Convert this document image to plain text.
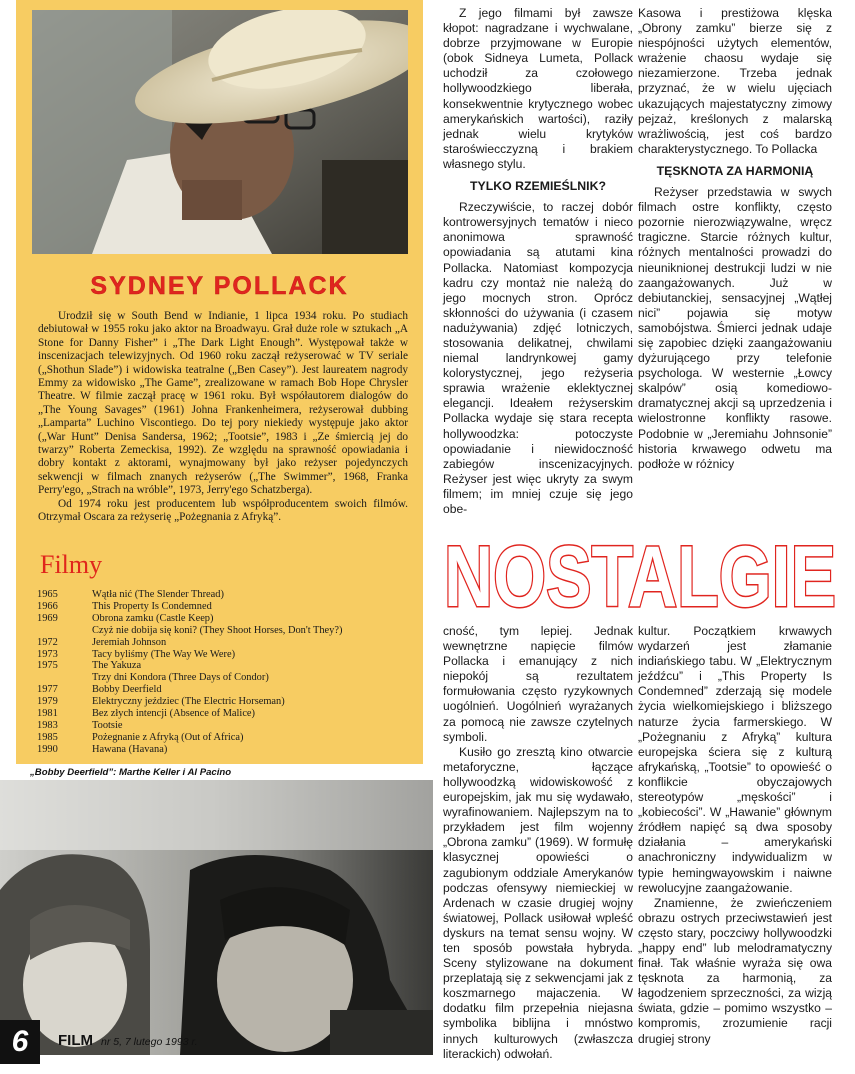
SYDNEY POLLACK

Urodził się w South Bend w Indianie, 1 lipca 1934 roku. Po studiach debiutował w 1955 roku jako aktor na Broadwayu. Grał duże role w sztukach „A Stone for Danny Fisher” i „The Dark Light Enough”. Występował także w inscenizacjach telewizyjnych. Od 1960 roku zaczął reżyserować w TV seriale („Shothun Slade”) i widowiska teatralne („Ben Casey”). Jest laureatem nagrody Emmy za widowisko „The Game”, zrealizowane w ramach Bob Hope Chrysler Theatre. W filmie zaczął pracę w 1961 roku. Był współautorem dialogów do „The Young Savages” (1961) Johna Frankenheimera, reżyserował dubbing „Lamparta” Luchino Viscontiego. Do tej pory niekiedy występuje jako aktor („War Hunt” Denisa Sandersa, 1962; „Tootsie”, 1983 i „Ze śmiercią jej do twarzy” Roberta Zemeckisa, 1992). Ze względu na sprawność opowiadania i dobry kontakt z aktorami, wynajmowany był jako reżyser pojedynczych sekwencji w filmach znanych reżyserów („The Swimmer”, 1968, Franka Perry'ego, „Strach na wróble”, 1973, Jerry'ego Schatzberga).

Od 1974 roku jest producentem lub współproducentem swoich filmów. Otrzymał Oscara za reżyserię „Pożegnania z Afryką”.

Filmy
1965	Wątła nić (The Slender Thread)
1966	This Property Is Condemned
1969	Obrona zamku (Castle Keep)
Czyż nie dobija się koni? (They Shoot Horses, Don't They?)
1972	Jeremiah Johnson
1973	Tacy byliśmy (The Way We Were)
1975	The Yakuza
Trzy dni Kondora (Three Days of Condor)
1977	Bobby Deerfield
1979	Elektryczny jeździec (The Electric Horseman)
1981	Bez złych intencji (Absence of Malice)
1983	Tootsie
1985	Pożegnanie z Afryką (Out of Africa)
1990	Hawana (Havana)
„Bobby Deerfield”: Marthe Keller i Al Pacino

Z jego filmami był zawsze kłopot: nagradzane i wychwalane, dobrze przyjmowane w Europie (obok Sidneya Lumeta, Pollack uchodził za czołowego hollywoodzkiego liberała, konsekwentnie krytycznego wobec amerykańskich wartości), raziły jednak wielu krytyków staroświecczyzną i brakiem własnego stylu.

TYLKO RZEMIEŚLNIK?

Rzeczywiście, to raczej dobór kontrowersyjnych tematów i nieco anonimowa sprawność opowiadania są atutami kina Pollacka. Natomiast kompozycja kadru czy montaż nie należą do jego mocnych stron. Oprócz skłonności do używania (i czasem nadużywania) zdjęć lotniczych, stosowania delikatnej, chwilami niemal landrynkowej gamy kolorystycznej, jego reżyseria sprawia wrażenie eklektycznej elegancji. Ideałem reżyserskim Pollacka wydaje się stara recepta hollywoodzka: potoczyste opowiadanie i niewidoczność zabiegów inscenizacyjnych. Reżyser jest więc ukryty za swym filmem; im mniej czuje się jego obe-

Kasowa i prestiżowa klęska „Obrony zamku” bierze się z niespójności użytych elementów, wrażenie chaosu wydaje się niezamierzone. Trzeba jednak przyznać, że w wielu ujęciach ukazujących majestatyczny zimowy pejzaż, kreślonych z malarską wrażliwością, jest coś bardzo charakterystycznego. To Pollacka

TĘSKNOTA ZA HARMONIĄ

Reżyser przedstawia w swych filmach ostre konflikty, często pozornie nierozwiązywalne, wręcz tragiczne. Starcie różnych kultur, różnych mentalności prowadzi do nieuniknionej destrukcji ludzi w nie zaangażowanych. Już w debiutanckiej, sensacyjnej „Wątłej nici” pojawia się motyw samobójstwa. Śmierci jednak udaje się zapobiec dzięki zaangażowaniu dyżurującego przy telefonie psychologa. W westernie „Łowcy skalpów” osią komediowo-dramatycznej akcji są uprzedzenia i wielostronne konflikty rasowe. Podobnie w „Jeremiahu Johnsonie” historia krwawego odwetu ma podłoże w różnicy

NOSTALGIE

cność, tym lepiej. Jednak wewnętrzne napięcie filmów Pollacka i emanujący z nich niepokój są rezultatem formułowania często ryzykownych uogólnień. Uogólnień wyrażanych za pomocą nie zawsze czytelnych symboli.

Kusiło go zresztą kino otwarcie metaforyczne, łączące hollywoodzką widowiskowość z europejskim, jak mu się wydawało, wyrafinowaniem. Najlepszym na to przykładem jest film wojenny „Obrona zamku” (1969). W formułę klasycznej opowieści o zagubionym oddziale Amerykanów podczas ofensywy niemieckiej w Ardenach w czasie drugiej wojny światowej, Pollack usiłował wpleść dyskurs na temat sensu wojny. W ten sposób powstała hybryda. Sceny stylizowane na dokument przeplatają się z sekwencjami jak z koszmarnego majaczenia. W dodatku film przepełnia niejasna symbolika biblijna i mnóstwo innych kulturowych (zwłaszcza literackich) odwołań.

kultur. Początkiem krwawych wydarzeń jest złamanie indiańskiego tabu. W „Elektrycznym jeźdźcu” i „This Property Is Condemned” zderzają się modele życia wielkomiejskiego i bliższego naturze życia farmerskiego. W „Pożegnaniu z Afryką” kultura europejska ściera się z kulturą afrykańską, „Tootsie” to opowieść o konflikcie obyczajowych stereotypów „męskości” i „kobiecości”. W „Hawanie” głównym źródłem napięć są dwa sposoby działania – amerykański anachroniczny indywidualizm w typie hemingwayowskim i naiwne rewolucyjne zaangażowanie.

Znamienne, że zwieńczeniem obrazu ostrych przeciwstawień jest często stary, poczciwy hollywoodzki „happy end” lub melodramatyczny finał. Tak właśnie wyraża się owa tęsknota za harmonią, za łagodzeniem sprzeczności, za wizją świata, gdzie – pomimo wszystko – kompromis, zrozumienie racji drugiej strony

6	FILM nr 5, 7 lutego 1993 r.
